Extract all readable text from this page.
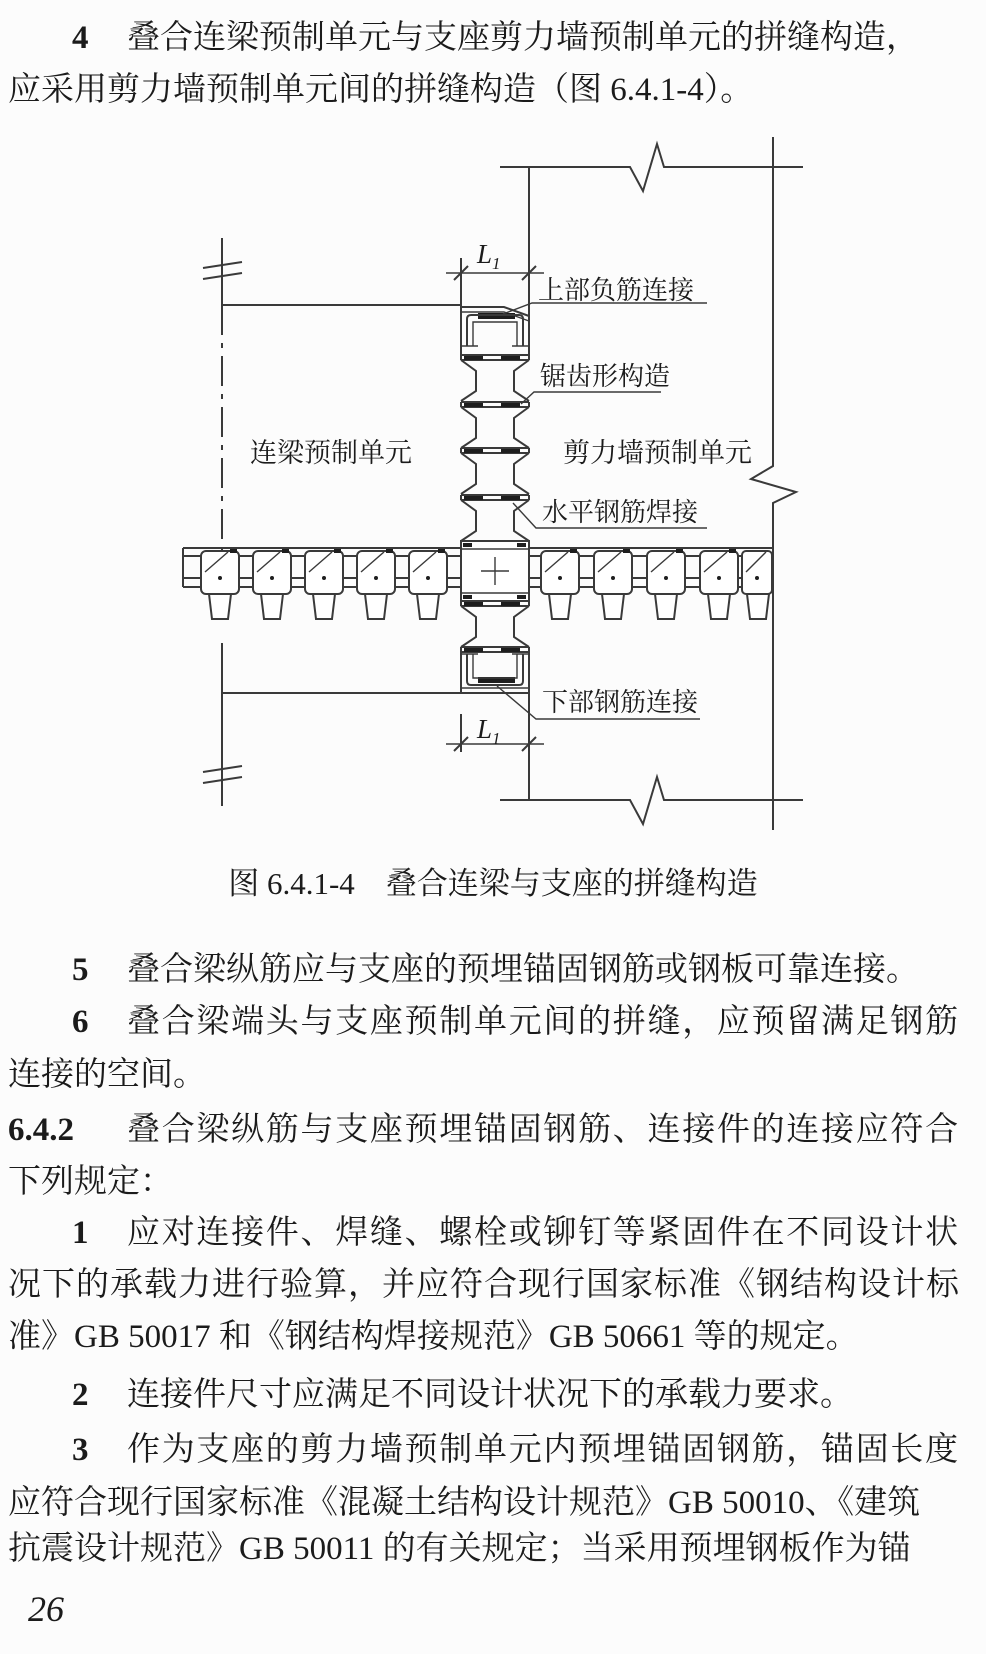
4 叠合连梁预制单元与支座剪力墙预制单元的拼缝构造，
应采用剪力墙预制单元间的拼缝构造（图 6.4.1-4）。
$L_1$
$L_1$
上部负筋连接
锯齿形构造
水平钢筋焊接
下部钢筋连接
连梁预制单元	剪力墙预制单元
图 6.4.1-4　叠合连梁与支座的拼缝构造
5 叠合梁纵筋应与支座的预埋锚固钢筋或钢板可靠连接。
6 叠合梁端头与支座预制单元间的拼缝，应预留满足钢筋
连接的空间。
6.4.2 叠合梁纵筋与支座预埋锚固钢筋、连接件的连接应符合
下列规定：
1 应对连接件、焊缝、螺栓或铆钉等紧固件在不同设计状
况下的承载力进行验算，并应符合现行国家标准《钢结构设计标
准》GB 50017 和《钢结构焊接规范》GB 50661 等的规定。
2 连接件尺寸应满足不同设计状况下的承载力要求。
3 作为支座的剪力墙预制单元内预埋锚固钢筋，锚固长度
应符合现行国家标准《混凝土结构设计规范》GB 50010、《建筑
抗震设计规范》GB 50011 的有关规定；当采用预埋钢板作为锚
26
